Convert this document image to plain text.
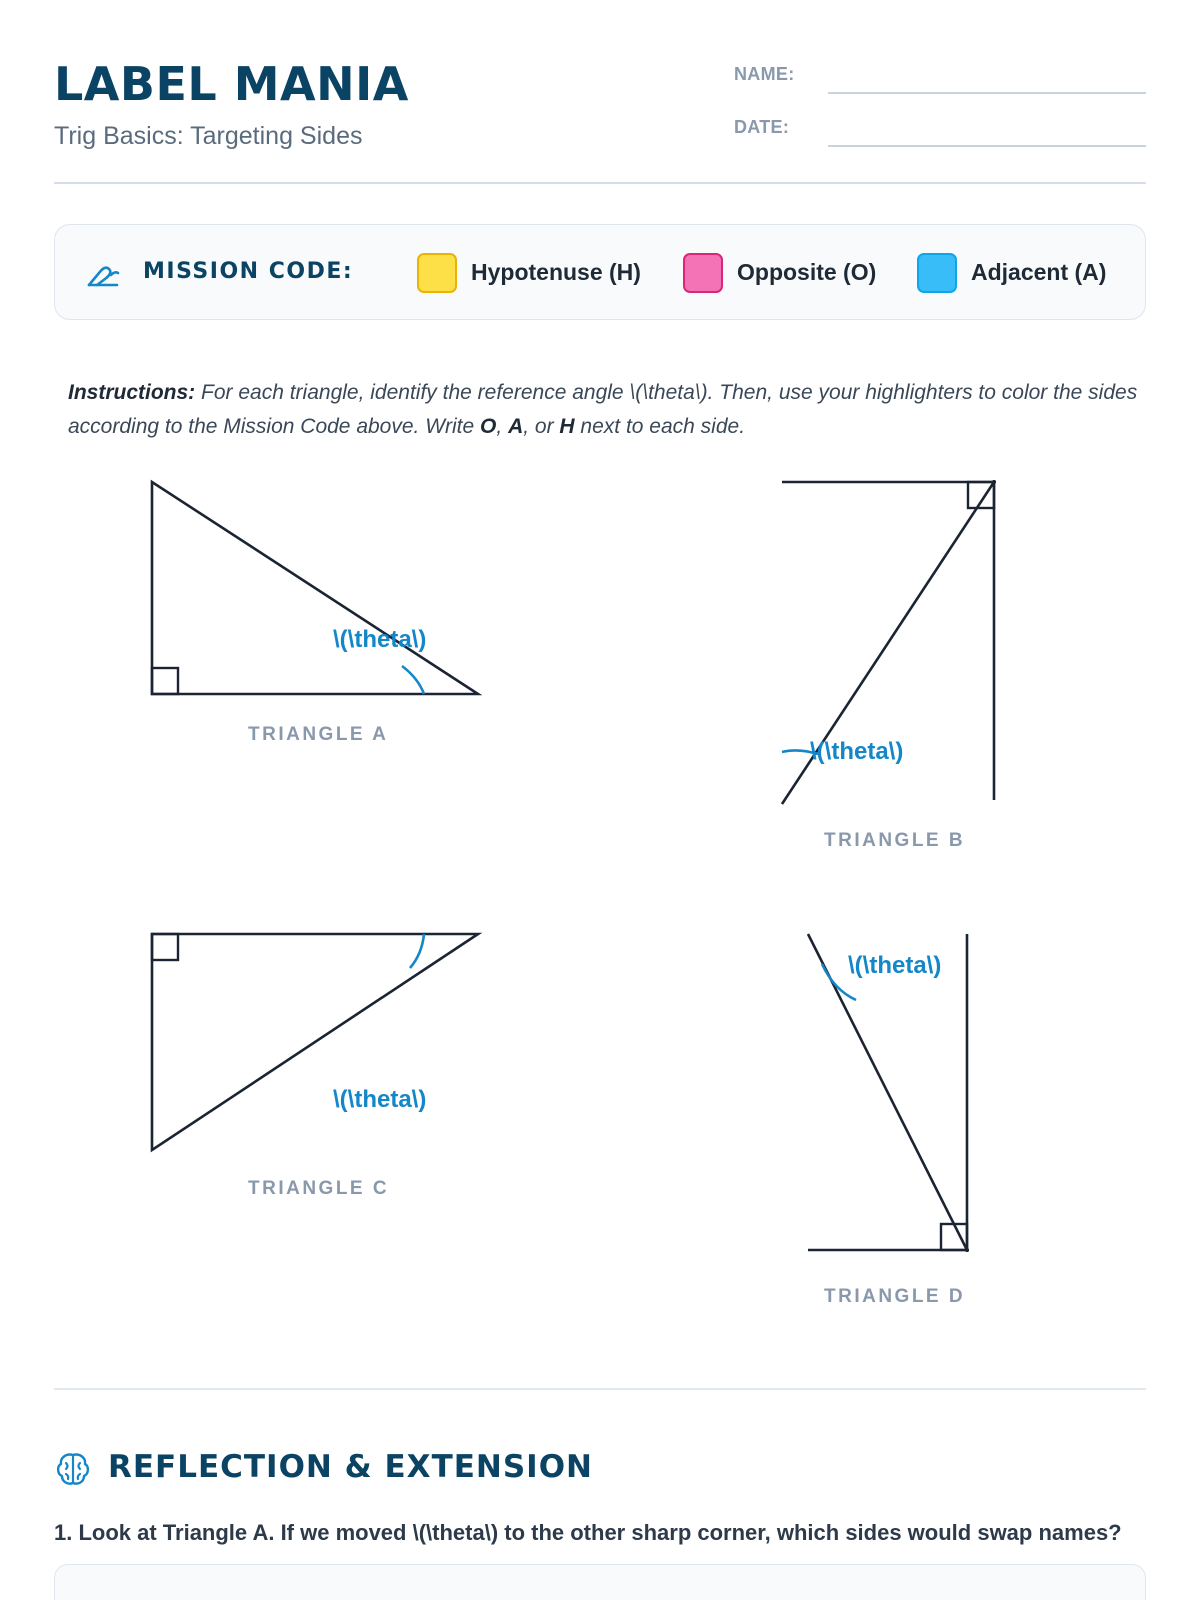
LABEL MANIA
Trig Basics: Targeting Sides
NAME:
DATE:
MISSION CODE:	Hypotenuse (H)	Opposite (O)	Adjacent (A)
Instructions: For each triangle, identify the reference angle \(\theta\). Then, use your highlighters to color the sides according to the Mission Code above. Write O, A, or H next to each side.
\(\theta\)
TRIANGLE A
\(\theta\)
TRIANGLE B
\(\theta\)
TRIANGLE C
\(\theta\)
TRIANGLE D
REFLECTION & EXTENSION
1. Look at Triangle A. If we moved \(\theta\) to the other sharp corner, which sides would swap names?
